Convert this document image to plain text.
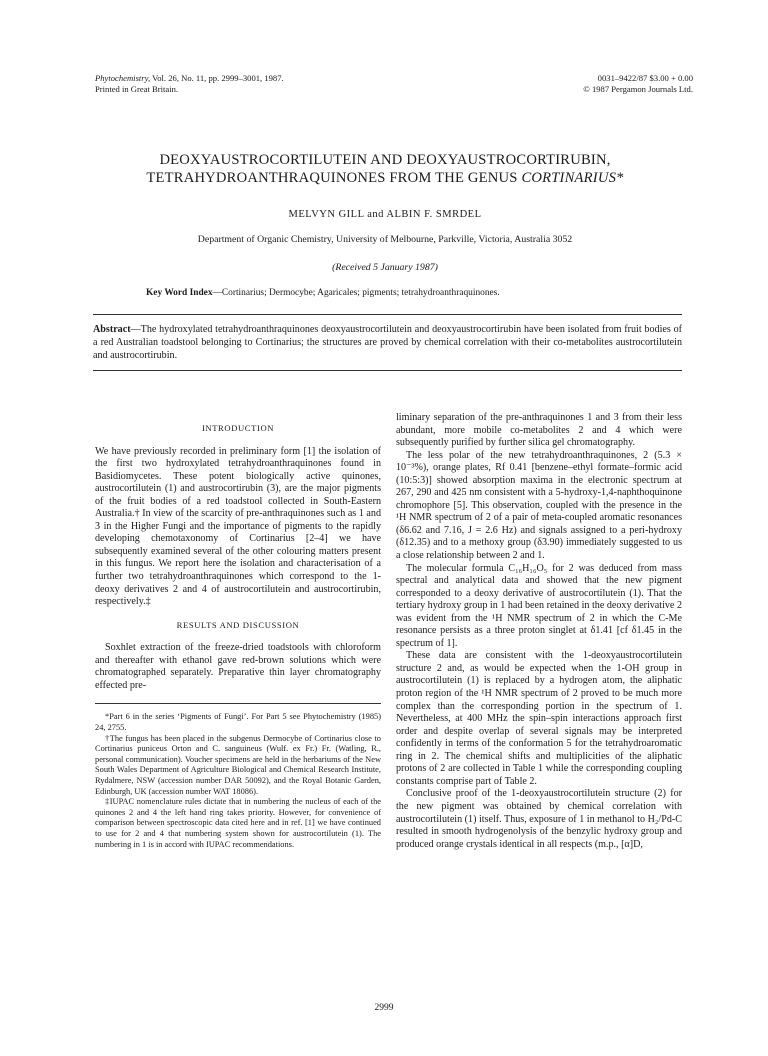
Phytochemistry, Vol. 26, No. 11, pp. 2999–3001, 1987.
Printed in Great Britain.
0031–9422/87 $3.00 + 0.00
© 1987 Pergamon Journals Ltd.
DEOXYAUSTROCORTILUTEIN AND DEOXYAUSTROCORTIRUBIN,
TETRAHYDROANTHRAQUINONES FROM THE GENUS CORTINARIUS*
MELVYN GILL and ALBIN F. SMRDEL
Department of Organic Chemistry, University of Melbourne, Parkville, Victoria, Australia 3052
(Received 5 January 1987)
Key Word Index—Cortinarius; Dermocybe; Agaricales; pigments; tetrahydroanthraquinones.
Abstract—The hydroxylated tetrahydroanthraquinones deoxyaustrocortilutein and deoxyaustrocortirubin have been isolated from fruit bodies of a red Australian toadstool belonging to Cortinarius; the structures are proved by chemical correlation with their co-metabolites austrocortilutein and austrocortirubin.
INTRODUCTION

We have previously recorded in preliminary form [1] the isolation of the first two hydroxylated tetrahydroanthraquinones found in Basidiomycetes. These potent biologically active quinones, austrocortilutein (1) and austrocortirubin (3), are the major pigments of the fruit bodies of a red toadstool collected in South-Eastern Australia.† In view of the scarcity of pre-anthraquinones such as 1 and 3 in the Higher Fungi and the importance of pigments to the rapidly developing chemotaxonomy of Cortinarius [2–4] we have subsequently examined several of the other colouring matters present in this fungus. We report here the isolation and characterisation of a further two tetrahydroanthraquinones which correspond to the 1-deoxy derivatives 2 and 4 of austrocortilutein and austrocortirubin, respectively.‡

RESULTS AND DISCUSSION

Soxhlet extraction of the freeze-dried toadstools with chloroform and thereafter with ethanol gave red-brown solutions which were chromatographed separately. Preparative thin layer chromatography effected pre-

*Part 6 in the series ‘Pigments of Fungi’. For Part 5 see Phytochemistry (1985) 24, 2755.

†The fungus has been placed in the subgenus Dermocybe of Cortinarius close to Cortinarius puniceus Orton and C. sanguineus (Wulf. ex Fr.) Fr. (Watling, R., personal communication). Voucher specimens are held in the herbariums of the New South Wales Department of Agriculture Biological and Chemical Research Institute, Rydalmere, NSW (accession number DAR 50092), and the Royal Botanic Garden, Edinburgh, UK (accession number WAT 18086).

‡IUPAC nomenclature rules dictate that in numbering the nucleus of each of the quinones 2 and 4 the left hand ring takes priority. However, for convenience of comparison between spectroscopic data cited here and in ref. [1] we have continued to use for 2 and 4 that numbering system shown for austrocortilutein (1). The numbering in 1 is in accord with IUPAC recommendations.

liminary separation of the pre-anthraquinones 1 and 3 from their less abundant, more mobile co-metabolites 2 and 4 which were subsequently purified by further silica gel chromatography.

The less polar of the new tetrahydroanthraquinones, 2 (5.3 × 10⁻³%), orange plates, Rf 0.41 [benzene–ethyl formate–formic acid (10:5:3)] showed absorption maxima in the electronic spectrum at 267, 290 and 425 nm consistent with a 5-hydroxy-1,4-naphthoquinone chromophore [5]. This observation, coupled with the presence in the ¹H NMR spectrum of 2 of a pair of meta-coupled aromatic resonances (δ6.62 and 7.16, J = 2.6 Hz) and signals assigned to a peri-hydroxy (δ12.35) and to a methoxy group (δ3.90) immediately suggested to us a close relationship between 2 and 1.

The molecular formula C₁₆H₁₆O₅ for 2 was deduced from mass spectral and analytical data and showed that the new pigment corresponded to a deoxy derivative of austrocortilutein (1). That the tertiary hydroxy group in 1 had been retained in the deoxy derivative 2 was evident from the ¹H NMR spectrum of 2 in which the C-Me resonance persists as a three proton singlet at δ1.41 [cf δ1.45 in the spectrum of 1].

These data are consistent with the 1-deoxyaustrocortilutein structure 2 and, as would be expected when the 1-OH group in austrocortilutein (1) is replaced by a hydrogen atom, the aliphatic proton region of the ¹H NMR spectrum of 2 proved to be much more complex than the corresponding portion in the spectrum of 1. Nevertheless, at 400 MHz the spin–spin interactions approach first order and despite overlap of several signals may be interpreted confidently in terms of the conformation 5 for the tetrahydroaromatic ring in 2. The chemical shifts and multiplicities of the aliphatic protons of 2 are collected in Table 1 while the corresponding coupling constants comprise part of Table 2.

Conclusive proof of the 1-deoxyaustrocortilutein structure (2) for the new pigment was obtained by chemical correlation with austrocortilutein (1) itself. Thus, exposure of 1 in methanol to H₂/Pd-C resulted in smooth hydrogenolysis of the benzylic hydroxy group and produced orange crystals identical in all respects (m.p., [α]D,

2999
